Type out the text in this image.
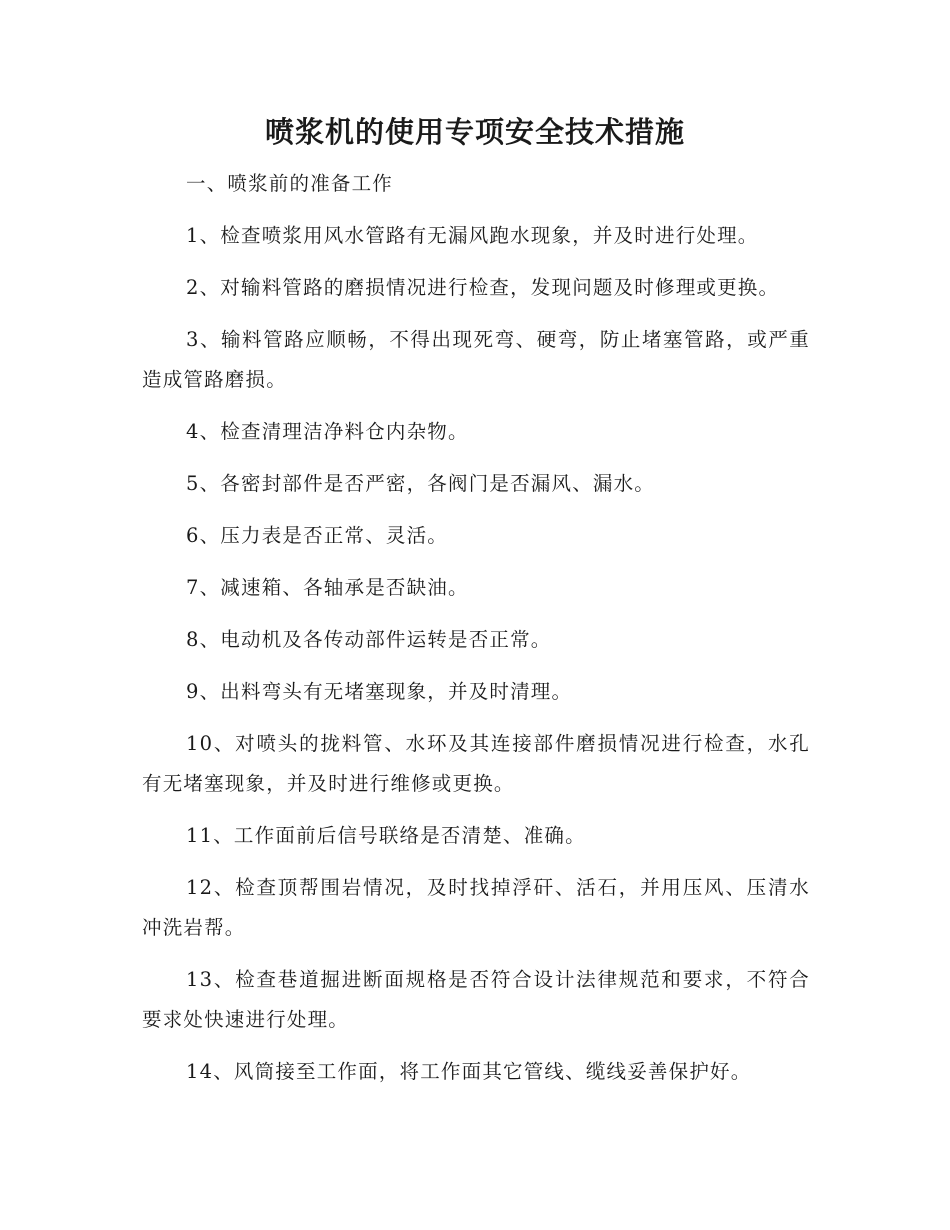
喷浆机的使用专项安全技术措施

一、喷浆前的准备工作

1、检查喷浆用风水管路有无漏风跑水现象，并及时进行处理。

2、对输料管路的磨损情况进行检查，发现问题及时修理或更换。

3、输料管路应顺畅，不得出现死弯、硬弯，防止堵塞管路，或严重造成管路磨损。

4、检查清理洁净料仓内杂物。

5、各密封部件是否严密，各阀门是否漏风、漏水。

6、压力表是否正常、灵活。

7、减速箱、各轴承是否缺油。

8、电动机及各传动部件运转是否正常。

9、出料弯头有无堵塞现象，并及时清理。

10、对喷头的拢料管、水环及其连接部件磨损情况进行检查，水孔有无堵塞现象，并及时进行维修或更换。

11、工作面前后信号联络是否清楚、准确。

12、检查顶帮围岩情况，及时找掉浮矸、活石，并用压风、压清水冲洗岩帮。

13、检查巷道掘进断面规格是否符合设计法律规范和要求，不符合要求处快速进行处理。

14、风筒接至工作面，将工作面其它管线、缆线妥善保护好。
